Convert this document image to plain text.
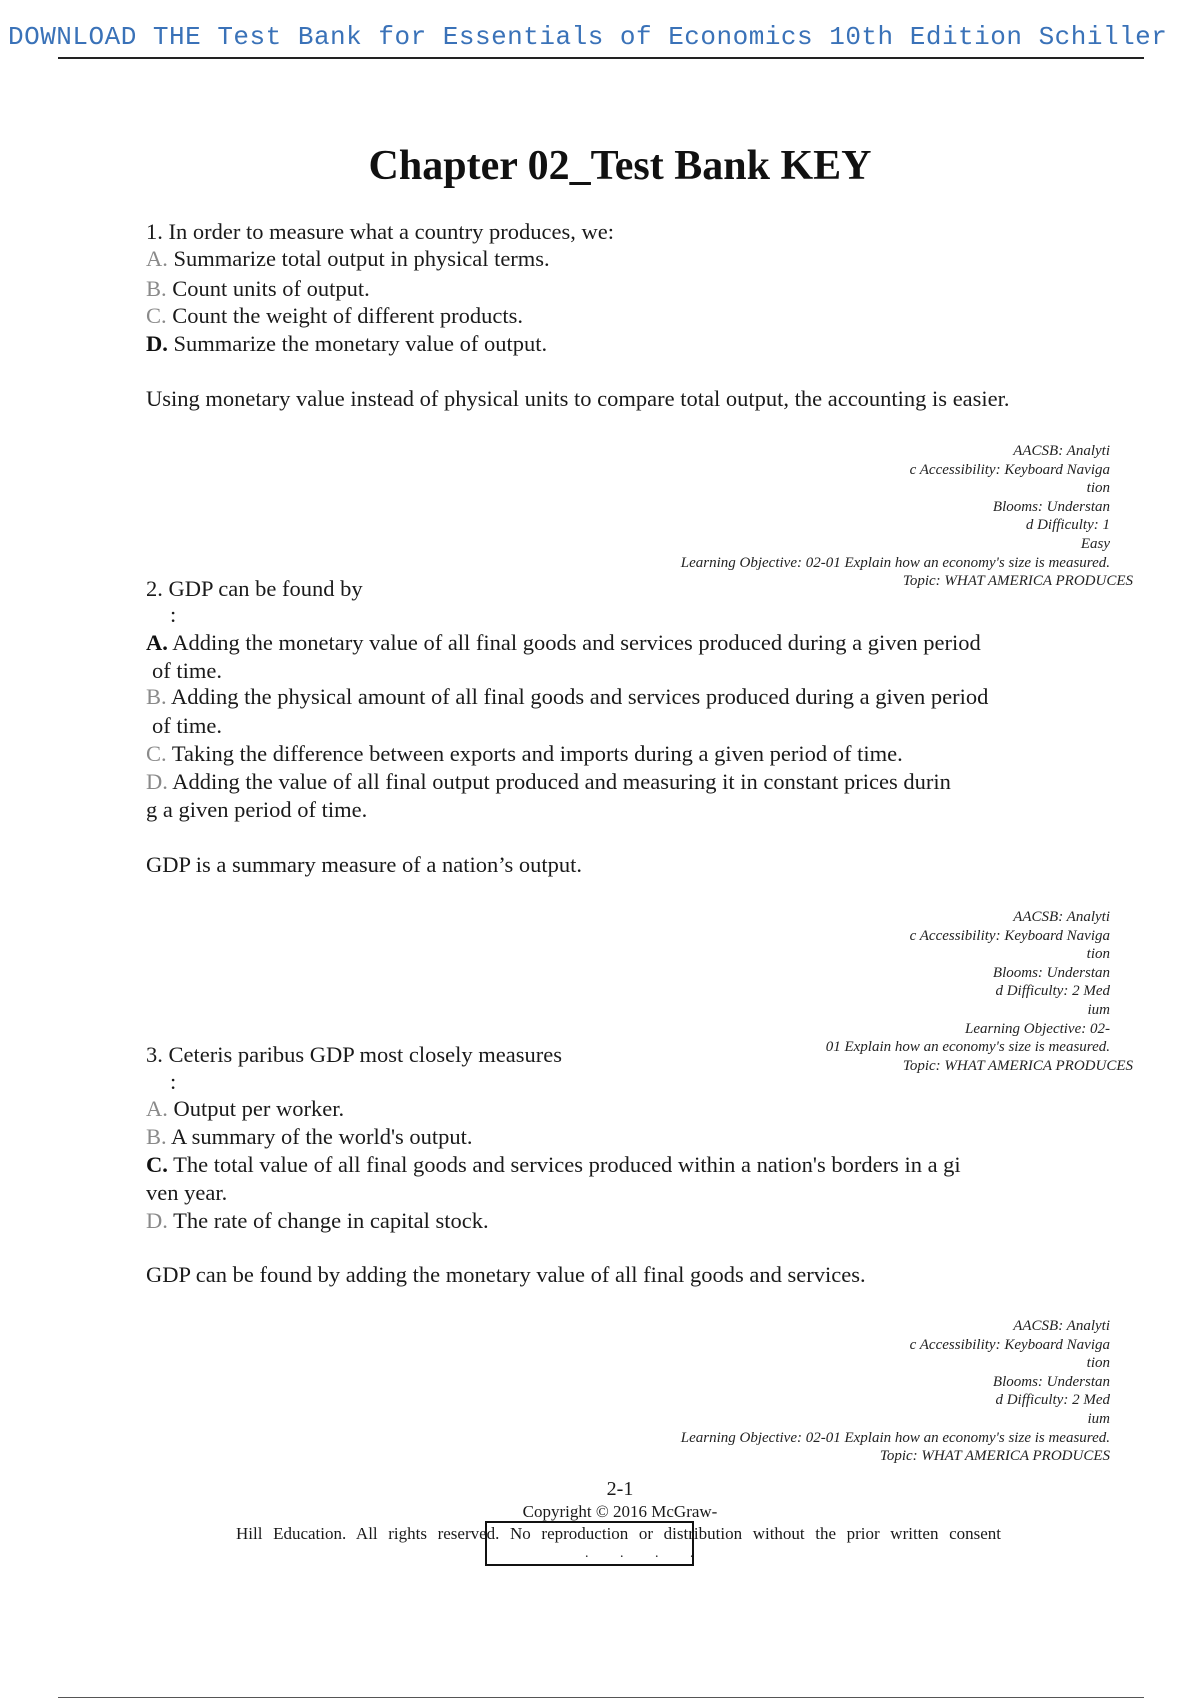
DOWNLOAD THE Test Bank for Essentials of Economics 10th Edition Schiller
Chapter 02_Test Bank KEY
1. In order to measure what a country produces, we:
A. Summarize total output in physical terms.
B. Count units of output.
C. Count the weight of different products.
D. Summarize the monetary value of output.
Using monetary value instead of physical units to compare total output, the accounting is easier.
AACSB: Analyti
c Accessibility: Keyboard Naviga
tion
Blooms: Understan
d Difficulty: 1
Easy
Learning Objective: 02-01 Explain how an economy's size is measured.
Topic: WHAT AMERICA PRODUCES
2. GDP can be found by
:
A. Adding the monetary value of all final goods and services produced during a given period
of time.
B. Adding the physical amount of all final goods and services produced during a given period
of time.
C. Taking the difference between exports and imports during a given period of time.
D. Adding the value of all final output produced and measuring it in constant prices durin
g a given period of time.
GDP is a summary measure of a nation’s output.
AACSB: Analyti
c Accessibility: Keyboard Naviga
tion
Blooms: Understan
d Difficulty: 2 Med
ium
Learning Objective: 02-
01 Explain how an economy's size is measured.
Topic: WHAT AMERICA PRODUCES
3. Ceteris paribus GDP most closely measures
:
A. Output per worker.
B. A summary of the world's output.
C. The total value of all final goods and services produced within a nation's borders in a gi
ven year.
D. The rate of change in capital stock.
GDP can be found by adding the monetary value of all final goods and services.
AACSB: Analyti
c Accessibility: Keyboard Naviga
tion
Blooms: Understan
d Difficulty: 2 Med
ium
Learning Objective: 02-01 Explain how an economy's size is measured.
Topic: WHAT AMERICA PRODUCES
2-1
Copyright © 2016 McGraw-
Hill Education. All rights reserved. No reproduction or distribution without the prior written consent
. . . .
